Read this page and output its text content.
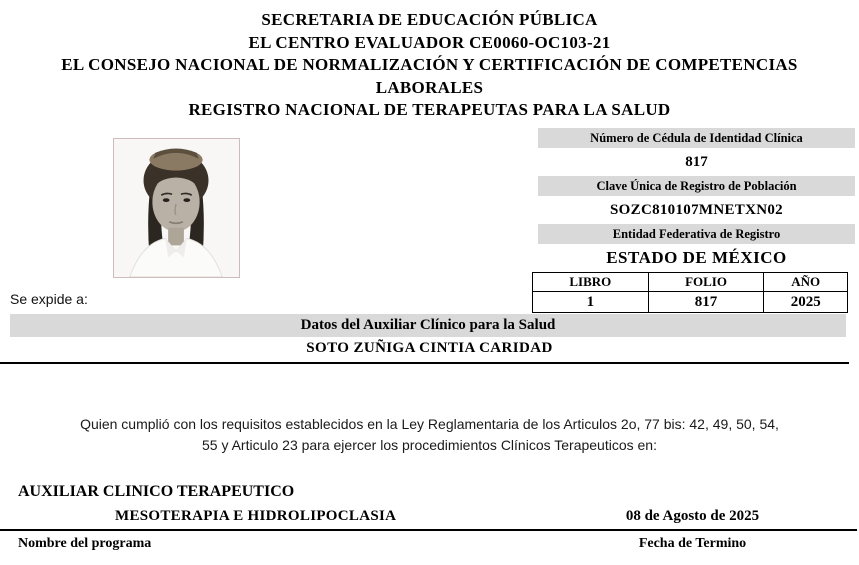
SECRETARIA DE EDUCACIÓN PÚBLICA
EL CENTRO EVALUADOR CE0060-OC103-21
EL CONSEJO NACIONAL DE NORMALIZACIÓN Y CERTIFICACIÓN DE COMPETENCIAS
LABORALES
REGISTRO NACIONAL DE TERAPEUTAS PARA LA SALUD
Número de Cédula de Identidad Clínica
817
Clave Única de Registro de Población
SOZC810107MNETXN02
Entidad Federativa de Registro
ESTADO DE MÉXICO
LIBRO	FOLIO	AÑO
1	817	2025
Se expide a:
Datos del Auxiliar Clínico para la Salud
SOTO ZUÑIGA CINTIA CARIDAD
Quien cumplió con los requisitos establecidos en la Ley Reglamentaria de los Articulos 2o, 77 bis: 42, 49, 50, 54,
55 y Articulo 23 para ejercer los procedimientos Clínicos Terapeuticos en:
AUXILIAR CLINICO TERAPEUTICO
MESOTERAPIA E HIDROLIPOCLASIA	08 de Agosto de 2025
Nombre del programa	Fecha de Termino
